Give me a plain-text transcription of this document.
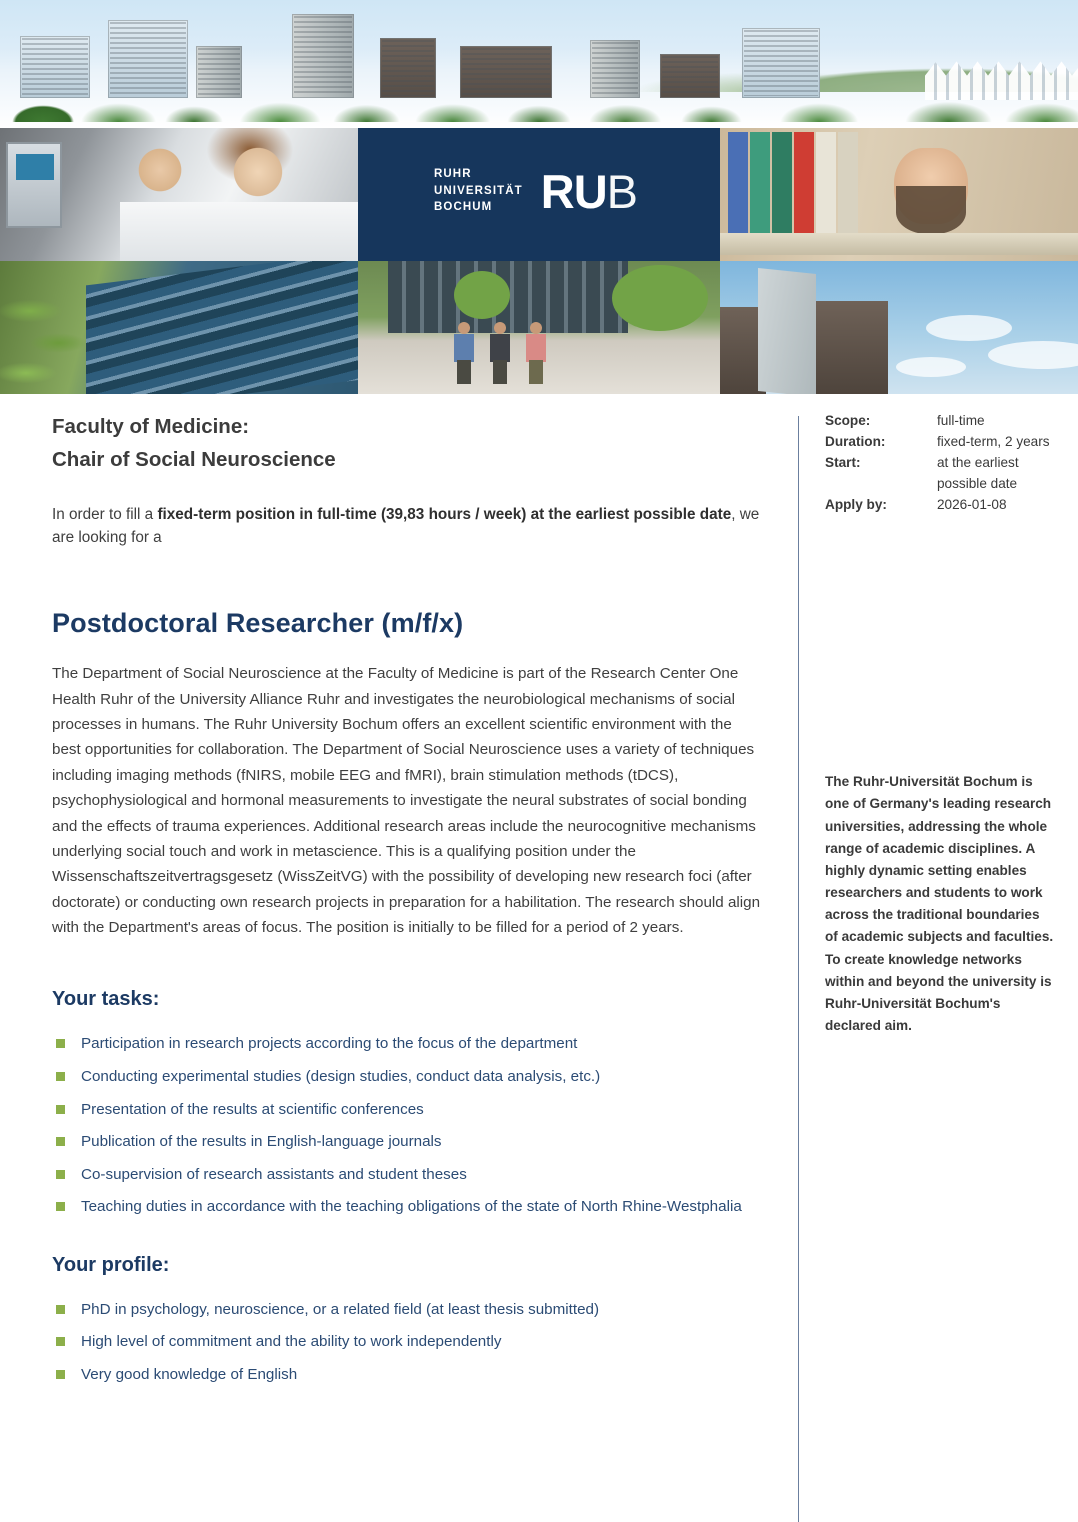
RUHR
UNIVERSITÄT
BOCHUM	RUB
Faculty of Medicine:
Chair of Social Neuroscience

In order to fill a fixed-term position in full-time (39,83 hours / week) at the earliest possible date, we are looking for a

Postdoctoral Researcher (m/f/x)

The Department of Social Neuroscience at the Faculty of Medicine is part of the Research Center One Health Ruhr of the University Alliance Ruhr and investigates the neurobiological mechanisms of social processes in humans. The Ruhr University Bochum offers an excellent scientific environment with the best opportunities for collaboration. The Department of Social Neuroscience uses a variety of techniques including imaging methods (fNIRS, mobile EEG and fMRI), brain stimulation methods (tDCS), psychophysiological and hormonal measurements to investigate the neural substrates of social bonding and the effects of trauma experiences. Additional research areas include the neurocognitive mechanisms underlying social touch and work in metascience. This is a qualifying position under the Wissenschaftszeitvertragsgesetz (WissZeitVG) with the possibility of developing new research foci (after doctorate) or conducting own research projects in preparation for a habilitation. The research should align with the Department's areas of focus. The position is initially to be filled for a period of 2 years.

Your tasks:
Participation in research projects according to the focus of the department
Conducting experimental studies (design studies, conduct data analysis, etc.)
Presentation of the results at scientific conferences
Publication of the results in English-language journals
Co-supervision of research assistants and student theses
Teaching duties in accordance with the teaching obligations of the state of North Rhine-Westphalia
Your profile:
PhD in psychology, neuroscience, or a related field (at least thesis submitted)
High level of commitment and the ability to work independently
Very good knowledge of English
Scope:	full-time
Duration:	fixed-term, 2 years
Start:	at the earliest possible date
Apply by:	2026-01-08

The Ruhr-Universität Bochum is one of Germany's leading research universities, addressing the whole range of academic disciplines. A highly dynamic setting enables researchers and students to work across the traditional boundaries of academic subjects and faculties. To create knowledge networks within and beyond the university is Ruhr-Universität Bochum's declared aim.
